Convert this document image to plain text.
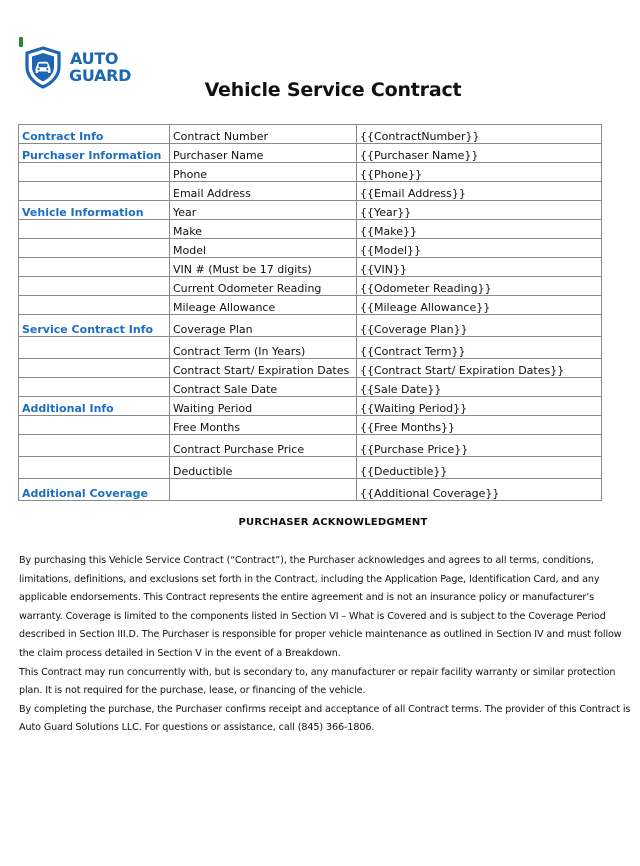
AUTO
GUARD
Vehicle Service Contract
Contract Info	Contract Number	{{ContractNumber}}
Purchaser Information	Purchaser Name	{{Purchaser Name}}
	Phone	{{Phone}}
	Email Address	{{Email Address}}
Vehicle Information	Year	{{Year}}
	Make	{{Make}}
	Model	{{Model}}
	VIN # (Must be 17 digits)	{{VIN}}
	Current Odometer Reading	{{Odometer Reading}}
	Mileage Allowance	{{Mileage Allowance}}
Service Contract Info	Coverage Plan	{{Coverage Plan}}
	Contract Term (In Years)	{{Contract Term}}
	Contract Start/ Expiration Dates	{{Contract Start/ Expiration Dates}}
	Contract Sale Date	{{Sale Date}}
Additional Info	Waiting Period	{{Waiting Period}}
	Free Months	{{Free Months}}
	Contract Purchase Price	{{Purchase Price}}
	Deductible	{{Deductible}}
Additional Coverage		{{Additional Coverage}}
PURCHASER ACKNOWLEDGMENT

By purchasing this Vehicle Service Contract (“Contract”), the Purchaser acknowledges and agrees to all terms, conditions, limitations, definitions, and exclusions set forth in the Contract, including the Application Page, Identification Card, and any applicable endorsements. This Contract represents the entire agreement and is not an insurance policy or manufacturer’s warranty. Coverage is limited to the components listed in Section VI – What is Covered and is subject to the Coverage Period described in Section III.D. The Purchaser is responsible for proper vehicle maintenance as outlined in Section IV and must follow the claim process detailed in Section V in the event of a Breakdown.

This Contract may run concurrently with, but is secondary to, any manufacturer or repair facility warranty or similar protection plan. It is not required for the purchase, lease, or financing of the vehicle.

By completing the purchase, the Purchaser confirms receipt and acceptance of all Contract terms. The provider of this Contract is Auto Guard Solutions LLC. For questions or assistance, call (845) 366-1806.
